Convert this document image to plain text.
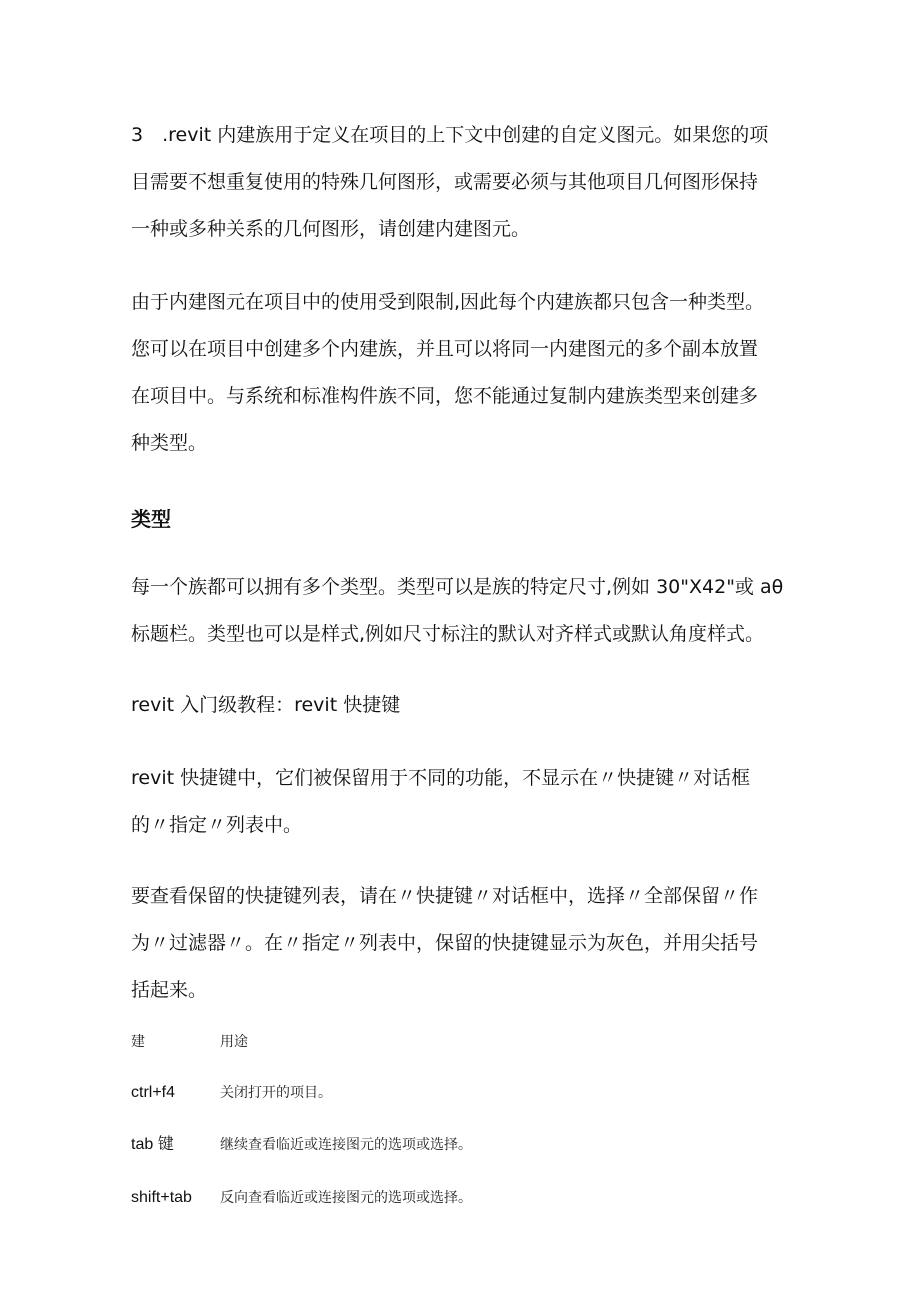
3　.revit 内建族用于定义在项目的上下文中创建的自定义图元。如果您的项
目需要不想重复使用的特殊几何图形，或需要必须与其他项目几何图形保持
一种或多种关系的几何图形，请创建内建图元。

由于内建图元在项目中的使用受到限制,因此每个内建族都只包含一种类型。
您可以在项目中创建多个内建族，并且可以将同一内建图元的多个副本放置
在项目中。与系统和标准构件族不同，您不能通过复制内建族类型来创建多
种类型。

类型

每一个族都可以拥有多个类型。类型可以是族的特定尺寸,例如 30"X42"或 aθ
标题栏。类型也可以是样式,例如尺寸标注的默认对齐样式或默认角度样式。

revit 入门级教程：revit 快捷键

revit 快捷键中，它们被保留用于不同的功能，不显示在〃快捷键〃对话框
的〃指定〃列表中。

要查看保留的快捷键列表，请在〃快捷键〃对话框中，选择〃全部保留〃作
为〃过滤器〃。在〃指定〃列表中，保留的快捷键显示为灰色，并用尖括号
括起来。

建	用途
ctrl+f4	关闭打开的项目。
tab 键	继续查看临近或连接图元的选项或选择。
shift+tab 反向查看临近或连接图元的选项或选择。
